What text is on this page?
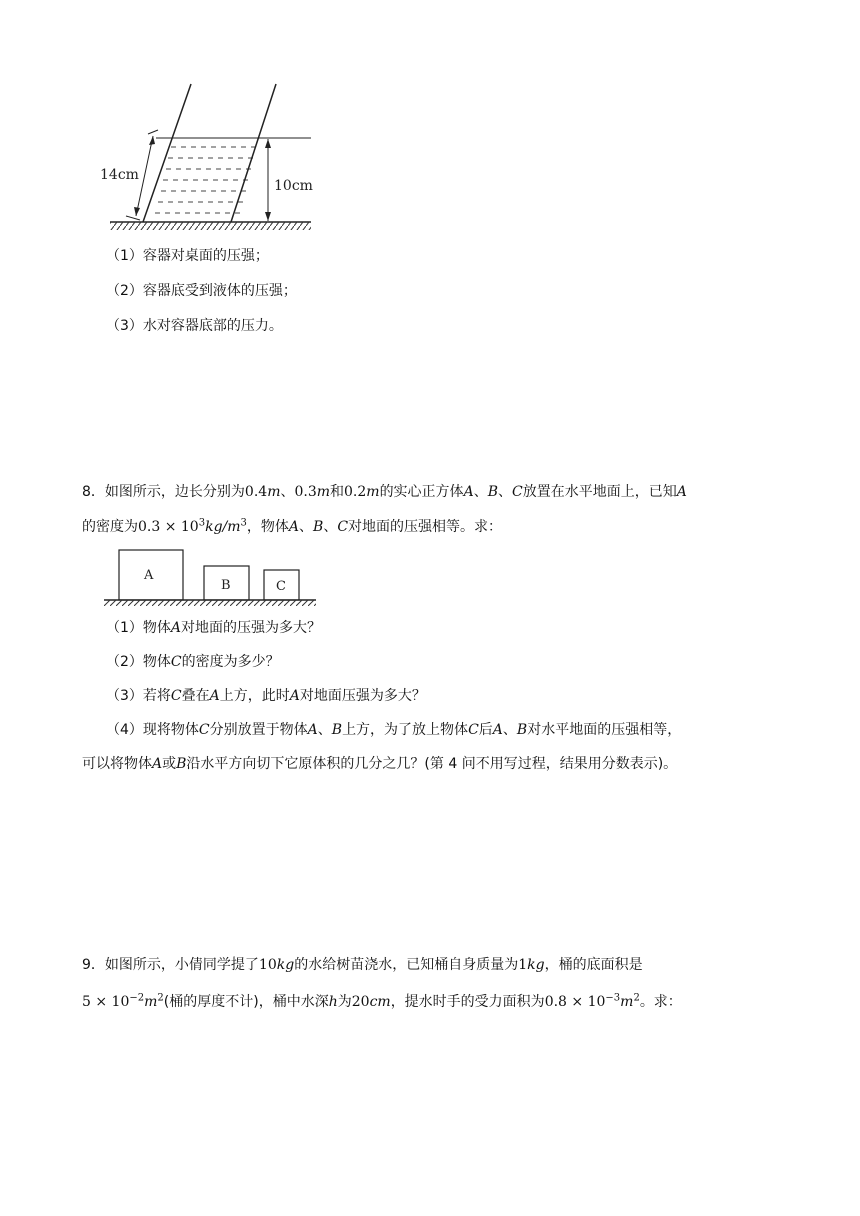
14cm
10cm
（1）容器对桌面的压强；
（2）容器底受到液体的压强；
（3）水对容器底部的压力。
8．如图所示，边长分别为0.4m、0.3m和0.2m的实心正方体A、B、C放置在水平地面上，已知A
的密度为$0.3 \times 10^3kg/m^3$，物体A、B、C对地面的压强相等。求：
A
B	C
（1）物体A对地面的压强为多大？
（2）物体C的密度为多少？
（3）若将C叠在A上方，此时A对地面压强为多大？
（4）现将物体C分别放置于物体A、B上方，为了放上物体C后A、B对水平地面的压强相等，
可以将物体A或B沿水平方向切下它原体积的几分之几？(第 4 问不用写过程，结果用分数表示)。
9．如图所示，小倩同学提了10kg的水给树苗浇水，已知桶自身质量为1kg，桶的底面积是
$5 \times 10^{-2}m^2$(桶的厚度不计)，桶中水深h为20cm，提水时手的受力面积为$0.8 \times 10^{-3}m^2$。求：
